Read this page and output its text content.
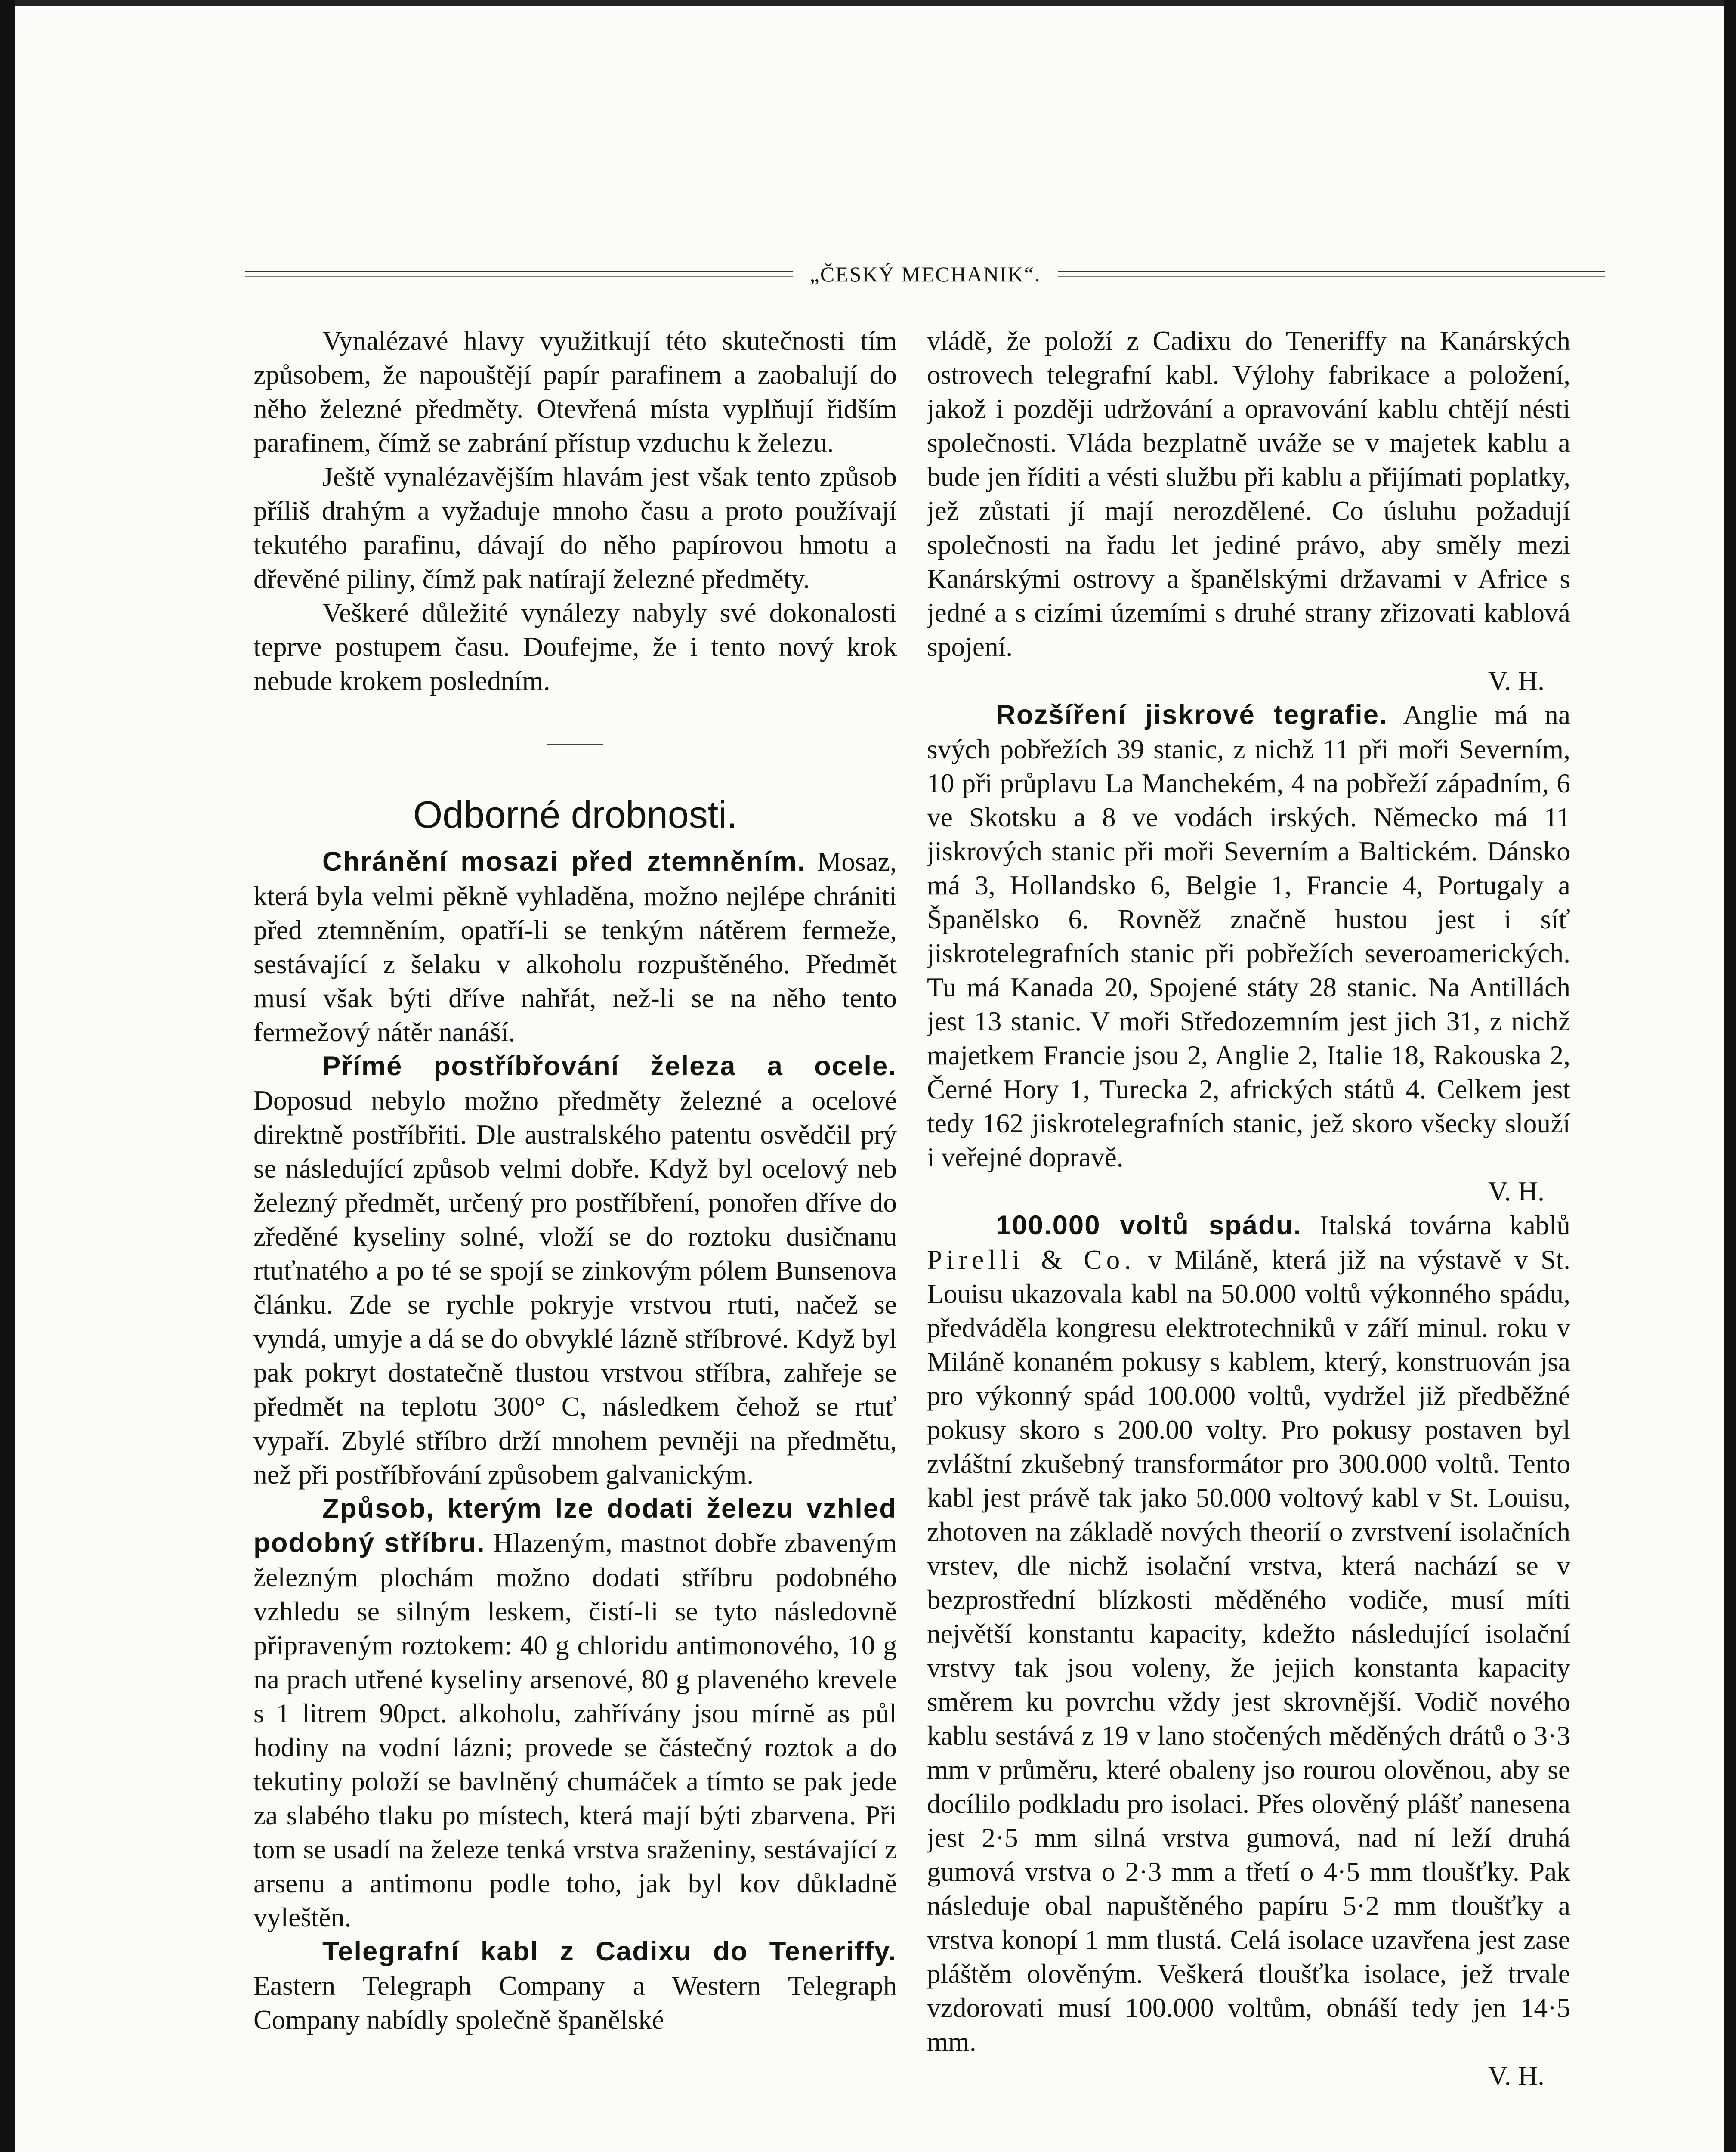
„ČESKÝ MECHANIK“.

Vynalézavé hlavy využitkují této skutečnosti tím způsobem, že napouštějí papír parafinem a zaobalují do něho železné předměty. Otevřená místa vyplňují řidším parafinem, čímž se zabrání přístup vzduchu k železu.

Ještě vynalézavějším hlavám jest však tento způsob příliš drahým a vyžaduje mnoho času a proto používají tekutého parafinu, dávají do něho papírovou hmotu a dřevěné piliny, čímž pak natírají železné předměty.

Veškeré důležité vynálezy nabyly své dokonalosti teprve postupem času. Doufejme, že i tento nový krok nebude krokem posledním.

Odborné drobnosti.

Chránění mosazi před ztemněním. Mosaz, která byla velmi pěkně vyhladěna, možno nejlépe chrániti před ztemněním, opatří-li se tenkým nátěrem fermeže, sestávající z šelaku v alkoholu rozpuštěného. Předmět musí však býti dříve nahřát, než-li se na něho tento fermežový nátěr nanáší.

Přímé postříbřování železa a ocele. Doposud nebylo možno předměty železné a ocelové direktně postříbřiti. Dle australského patentu osvědčil prý se následující způsob velmi dobře. Když byl ocelový neb železný předmět, určený pro postříbření, ponořen dříve do zředěné kyseliny solné, vloží se do roztoku dusičnanu rtuťnatého a po té se spojí se zinkovým pólem Bunsenova článku. Zde se rychle pokryje vrstvou rtuti, načež se vyndá, umyje a dá se do obvyklé lázně stříbrové. Když byl pak pokryt dostatečně tlustou vrstvou stříbra, zahřeje se předmět na teplotu 300° C, následkem čehož se rtuť vypaří. Zbylé stříbro drží mnohem pevněji na předmětu, než při postříbřování způsobem galvanickým.

Způsob, kterým lze dodati železu vzhled podobný stříbru. Hlazeným, mastnot dobře zbaveným železným plochám možno dodati stříbru podobného vzhledu se silným leskem, čistí-li se tyto následovně připraveným roztokem: 40 g chloridu antimonového, 10 g na prach utřené kyseliny arsenové, 80 g plaveného krevele s 1 litrem 90pct. alkoholu, zahřívány jsou mírně as půl hodiny na vodní lázni; provede se částečný roztok a do tekutiny položí se bavlněný chumáček a tímto se pak jede za slabého tlaku po místech, která mají býti zbarvena. Při tom se usadí na železe tenká vrstva sraženiny, sestávající z arsenu a antimonu podle toho, jak byl kov důkladně vyleštěn.

Telegrafní kabl z Cadixu do Teneriffy. Eastern Telegraph Company a Western Telegraph Company nabídly společně španělské

vládě, že položí z Cadixu do Teneriffy na Kanárských ostrovech telegrafní kabl. Výlohy fabrikace a položení, jakož i později udržování a opravování kablu chtějí nésti společnosti. Vláda bezplatně uváže se v majetek kablu a bude jen říditi a vésti službu při kablu a přijímati poplatky, jež zůstati jí mají nerozdělené. Co úsluhu požadují společnosti na řadu let jediné právo, aby směly mezi Kanárskými ostrovy a španělskými državami v Africe s jedné a s cizími územími s druhé strany zřizovati kablová spojení.

V. H.

Rozšíření jiskrové tegrafie. Anglie má na svých pobřežích 39 stanic, z nichž 11 při moři Severním, 10 při průplavu La Manchekém, 4 na pobřeží západním, 6 ve Skotsku a 8 ve vodách irských. Německo má 11 jiskrových stanic při moři Severním a Baltickém. Dánsko má 3, Hollandsko 6, Belgie 1, Francie 4, Portugaly a Španělsko 6. Rovněž značně hustou jest i síť jiskrotelegrafních stanic při pobřežích severoamerických. Tu má Kanada 20, Spojené státy 28 stanic. Na Antillách jest 13 stanic. V moři Středozemním jest jich 31, z nichž majetkem Francie jsou 2, Anglie 2, Italie 18, Rakouska 2, Černé Hory 1, Turecka 2, afrických států 4. Celkem jest tedy 162 jiskrotelegrafních stanic, jež skoro všecky slouží i veřejné dopravě.

V. H.

100.000 voltů spádu. Italská továrna kablů Pirelli & Co. v Miláně, která již na výstavě v St. Louisu ukazovala kabl na 50.000 voltů výkonného spádu, předváděla kongresu elektrotechniků v září minul. roku v Miláně konaném pokusy s kablem, který, konstruován jsa pro výkonný spád 100.000 voltů, vydržel již předběžné pokusy skoro s 200.00 volty. Pro pokusy postaven byl zvláštní zkušebný transformátor pro 300.000 voltů. Tento kabl jest právě tak jako 50.000 voltový kabl v St. Louisu, zhotoven na základě nových theorií o zvrstvení isolačních vrstev, dle nichž isolační vrstva, která nachází se v bezprostřední blízkosti měděného vodiče, musí míti největší konstantu kapacity, kdežto následující isolační vrstvy tak jsou voleny, že jejich konstanta kapacity směrem ku povrchu vždy jest skrovnější. Vodič nového kablu sestává z 19 v lano stočených měděných drátů o 3·3 mm v průměru, které obaleny jso rourou olověnou, aby se docílilo podkladu pro isolaci. Přes olověný plášť nanesena jest 2·5 mm silná vrstva gumová, nad ní leží druhá gumová vrstva o 2·3 mm a třetí o 4·5 mm tloušťky. Pak následuje obal napuštěného papíru 5·2 mm tloušťky a vrstva konopí 1 mm tlustá. Celá isolace uzavřena jest zase pláštěm olověným. Veškerá tloušťka isolace, jež trvale vzdorovati musí 100.000 voltům, obnáší tedy jen 14·5 mm.

V. H.
